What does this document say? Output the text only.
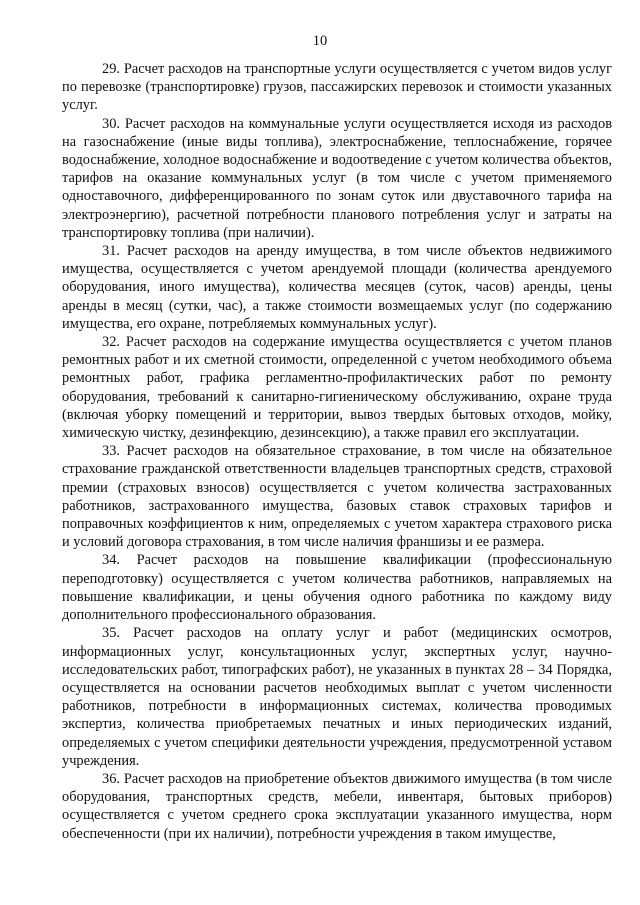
10

29. Расчет расходов на транспортные услуги осуществляется с учетом видов услуг по перевозке (транспортировке) грузов, пассажирских перевозок и стоимости указанных услуг.

30. Расчет расходов на коммунальные услуги осуществляется исходя из расходов на газоснабжение (иные виды топлива), электроснабжение, теплоснабжение, горячее водоснабжение, холодное водоснабжение и водоотведение с учетом количества объектов, тарифов на оказание коммунальных услуг (в том числе с учетом применяемого одноставочного, дифференцированного по зонам суток или двуставочного тарифа на электроэнергию), расчетной потребности планового потребления услуг и затраты на транспортировку топлива (при наличии).

31. Расчет расходов на аренду имущества, в том числе объектов недвижимого имущества, осуществляется с учетом арендуемой площади (количества арендуемого оборудования, иного имущества), количества месяцев (суток, часов) аренды, цены аренды в месяц (сутки, час), а также стоимости возмещаемых услуг (по содержанию имущества, его охране, потребляемых коммунальных услуг).

32. Расчет расходов на содержание имущества осуществляется с учетом планов ремонтных работ и их сметной стоимости, определенной с учетом необходимого объема ремонтных работ, графика регламентно-профилактических работ по ремонту оборудования, требований к санитарно-гигиеническому обслуживанию, охране труда (включая уборку помещений и территории, вывоз твердых бытовых отходов, мойку, химическую чистку, дезинфекцию, дезинсекцию), а также правил его эксплуатации.

33. Расчет расходов на обязательное страхование, в том числе на обязательное страхование гражданской ответственности владельцев транспортных средств, страховой премии (страховых взносов) осуществляется с учетом количества застрахованных работников, застрахованного имущества, базовых ставок страховых тарифов и поправочных коэффициентов к ним, определяемых с учетом характера страхового риска и условий договора страхования, в том числе наличия франшизы и ее размера.

34. Расчет расходов на повышение квалификации (профессиональную переподготовку) осуществляется с учетом количества работников, направляемых на повышение квалификации, и цены обучения одного работника по каждому виду дополнительного профессионального образования.

35. Расчет расходов на оплату услуг и работ (медицинских осмотров, информационных услуг, консультационных услуг, экспертных услуг, научно-исследовательских работ, типографских работ), не указанных в пунктах 28 – 34 Порядка, осуществляется на основании расчетов необходимых выплат с учетом численности работников, потребности в информационных системах, количества проводимых экспертиз, количества приобретаемых печатных и иных периодических изданий, определяемых с учетом специфики деятельности учреждения, предусмотренной уставом учреждения.

36. Расчет расходов на приобретение объектов движимого имущества (в том числе оборудования, транспортных средств, мебели, инвентаря, бытовых приборов) осуществляется с учетом среднего срока эксплуатации указанного имущества, норм обеспеченности (при их наличии), потребности учреждения в таком имуществе,
